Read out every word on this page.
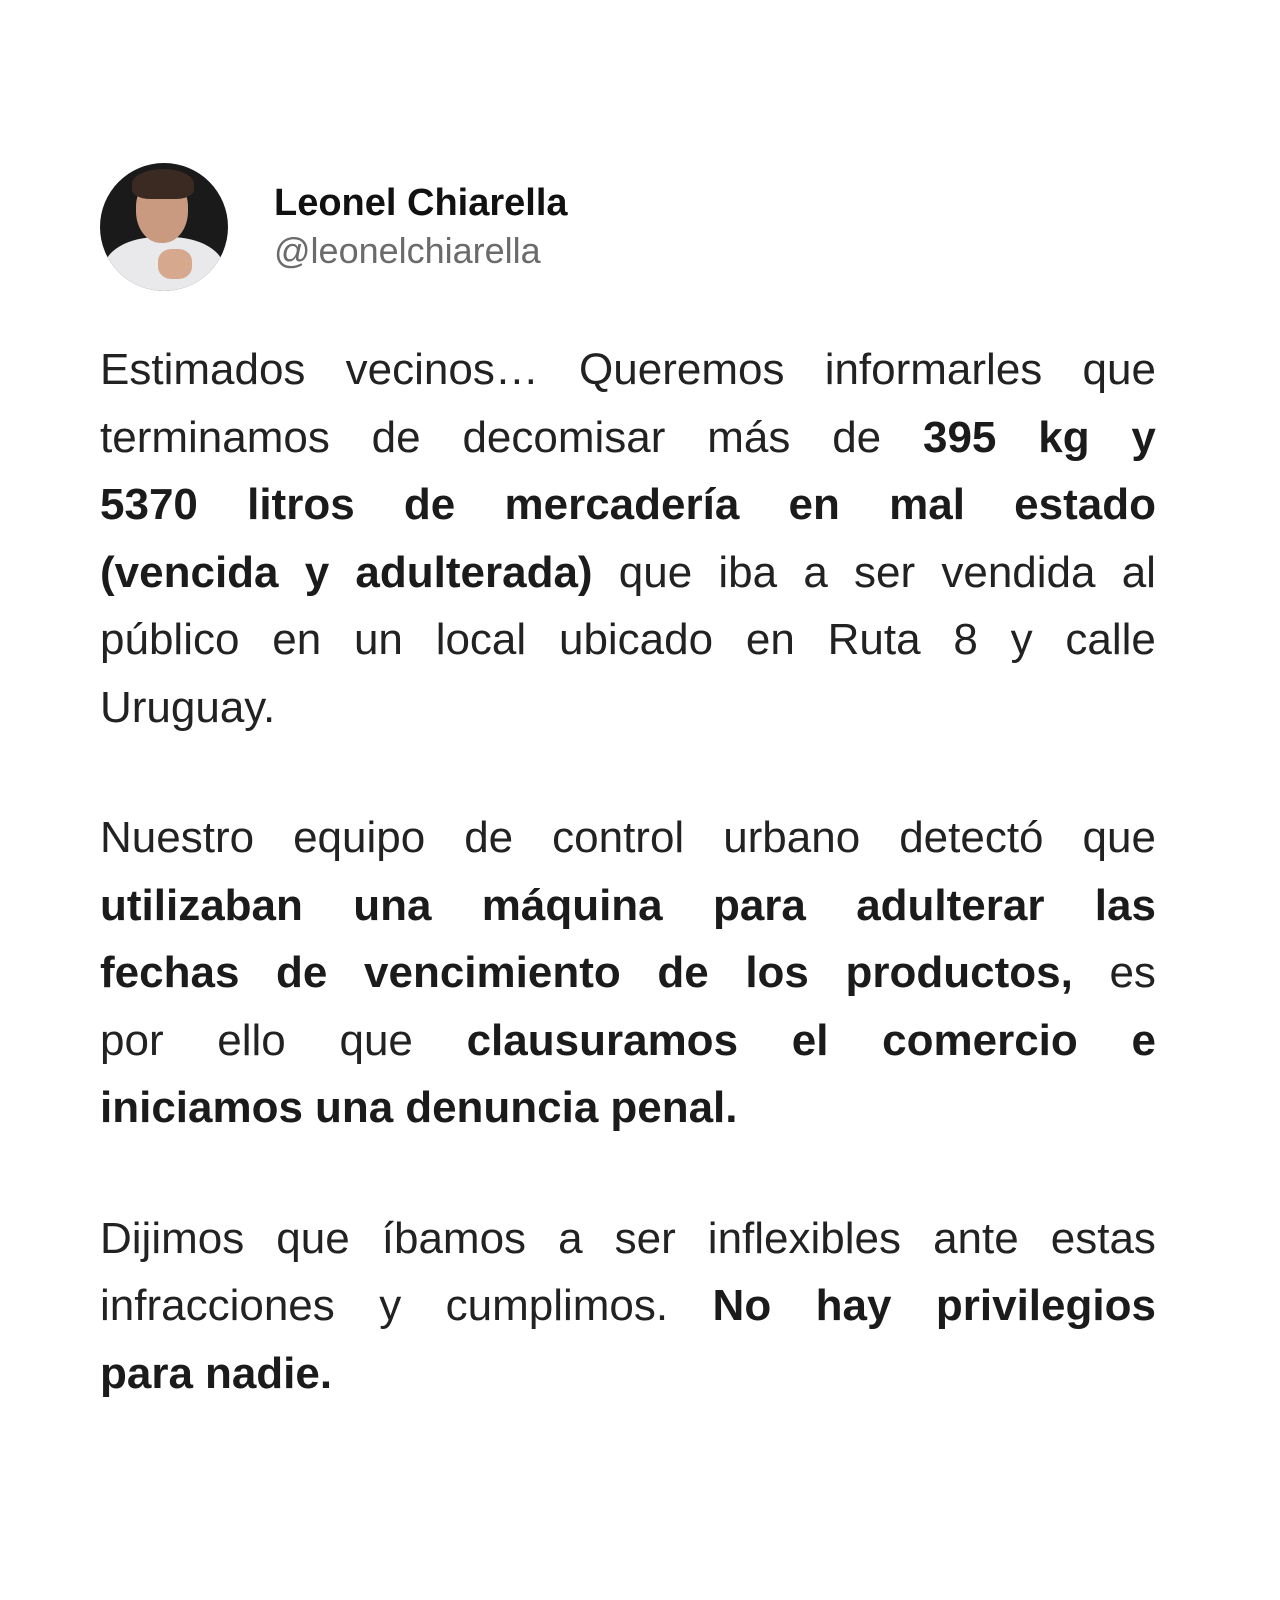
Leonel Chiarella
@leonelchiarella
Estimados vecinos… Queremos informarles que
terminamos de decomisar más de 395 kg y
5370 litros de mercadería en mal estado
(vencida y adulterada) que iba a ser vendida al
público en un local ubicado en Ruta 8 y calle
Uruguay.
Nuestro equipo de control urbano detectó que
utilizaban una máquina para adulterar las
fechas de vencimiento de los productos, es
por ello que clausuramos el comercio e
iniciamos una denuncia penal.
Dijimos que íbamos a ser inflexibles ante estas
infracciones y cumplimos. No hay privilegios
para nadie.
